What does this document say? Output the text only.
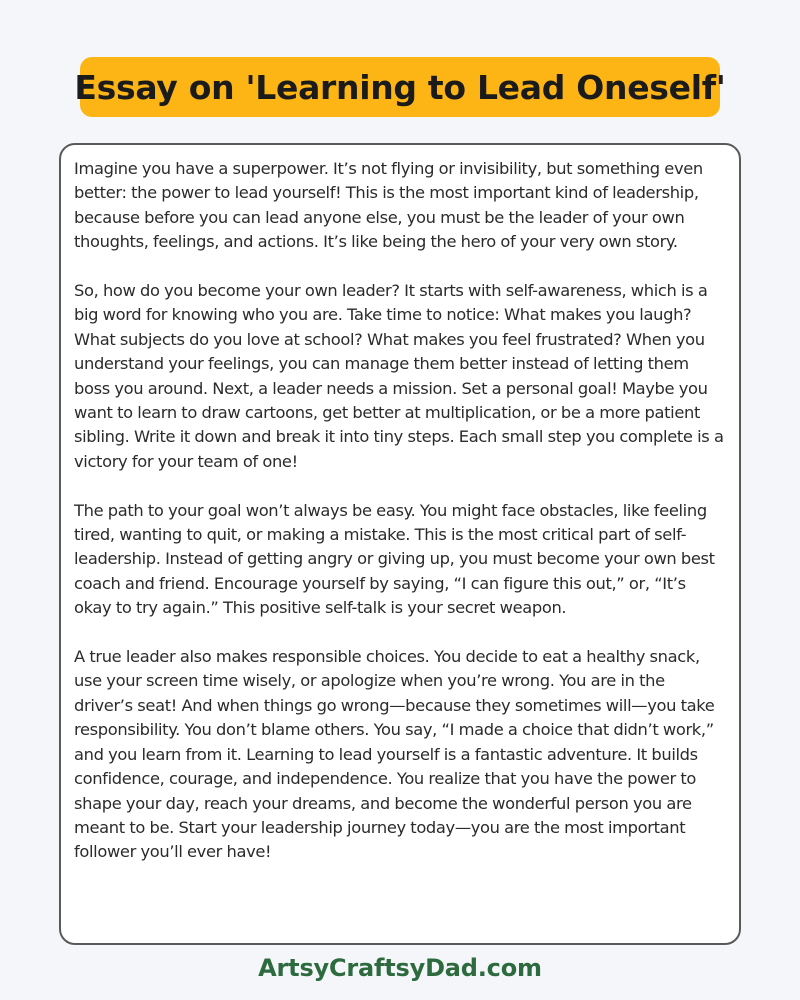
Essay on 'Learning to Lead Oneself'

Imagine you have a superpower. It’s not flying or invisibility, but something even better: the power to lead yourself! This is the most important kind of leadership, because before you can lead anyone else, you must be the leader of your own thoughts, feelings, and actions. It’s like being the hero of your very own story.

So, how do you become your own leader? It starts with self-awareness, which is a big word for knowing who you are. Take time to notice: What makes you laugh? What subjects do you love at school? What makes you feel frustrated? When you understand your feelings, you can manage them better instead of letting them boss you around. Next, a leader needs a mission. Set a personal goal! Maybe you want to learn to draw cartoons, get better at multiplication, or be a more patient sibling. Write it down and break it into tiny steps. Each small step you complete is a victory for your team of one!

The path to your goal won’t always be easy. You might face obstacles, like feeling tired, wanting to quit, or making a mistake. This is the most critical part of self-leadership. Instead of getting angry or giving up, you must become your own best coach and friend. Encourage yourself by saying, “I can figure this out,” or, “It’s okay to try again.” This positive self-talk is your secret weapon.

A true leader also makes responsible choices. You decide to eat a healthy snack, use your screen time wisely, or apologize when you’re wrong. You are in the driver’s seat! And when things go wrong—because they sometimes will—you take responsibility. You don’t blame others. You say, “I made a choice that didn’t work,” and you learn from it. Learning to lead yourself is a fantastic adventure. It builds confidence, courage, and independence. You realize that you have the power to shape your day, reach your dreams, and become the wonderful person you are meant to be. Start your leadership journey today—you are the most important follower you’ll ever have!

ArtsyCraftsyDad.com
